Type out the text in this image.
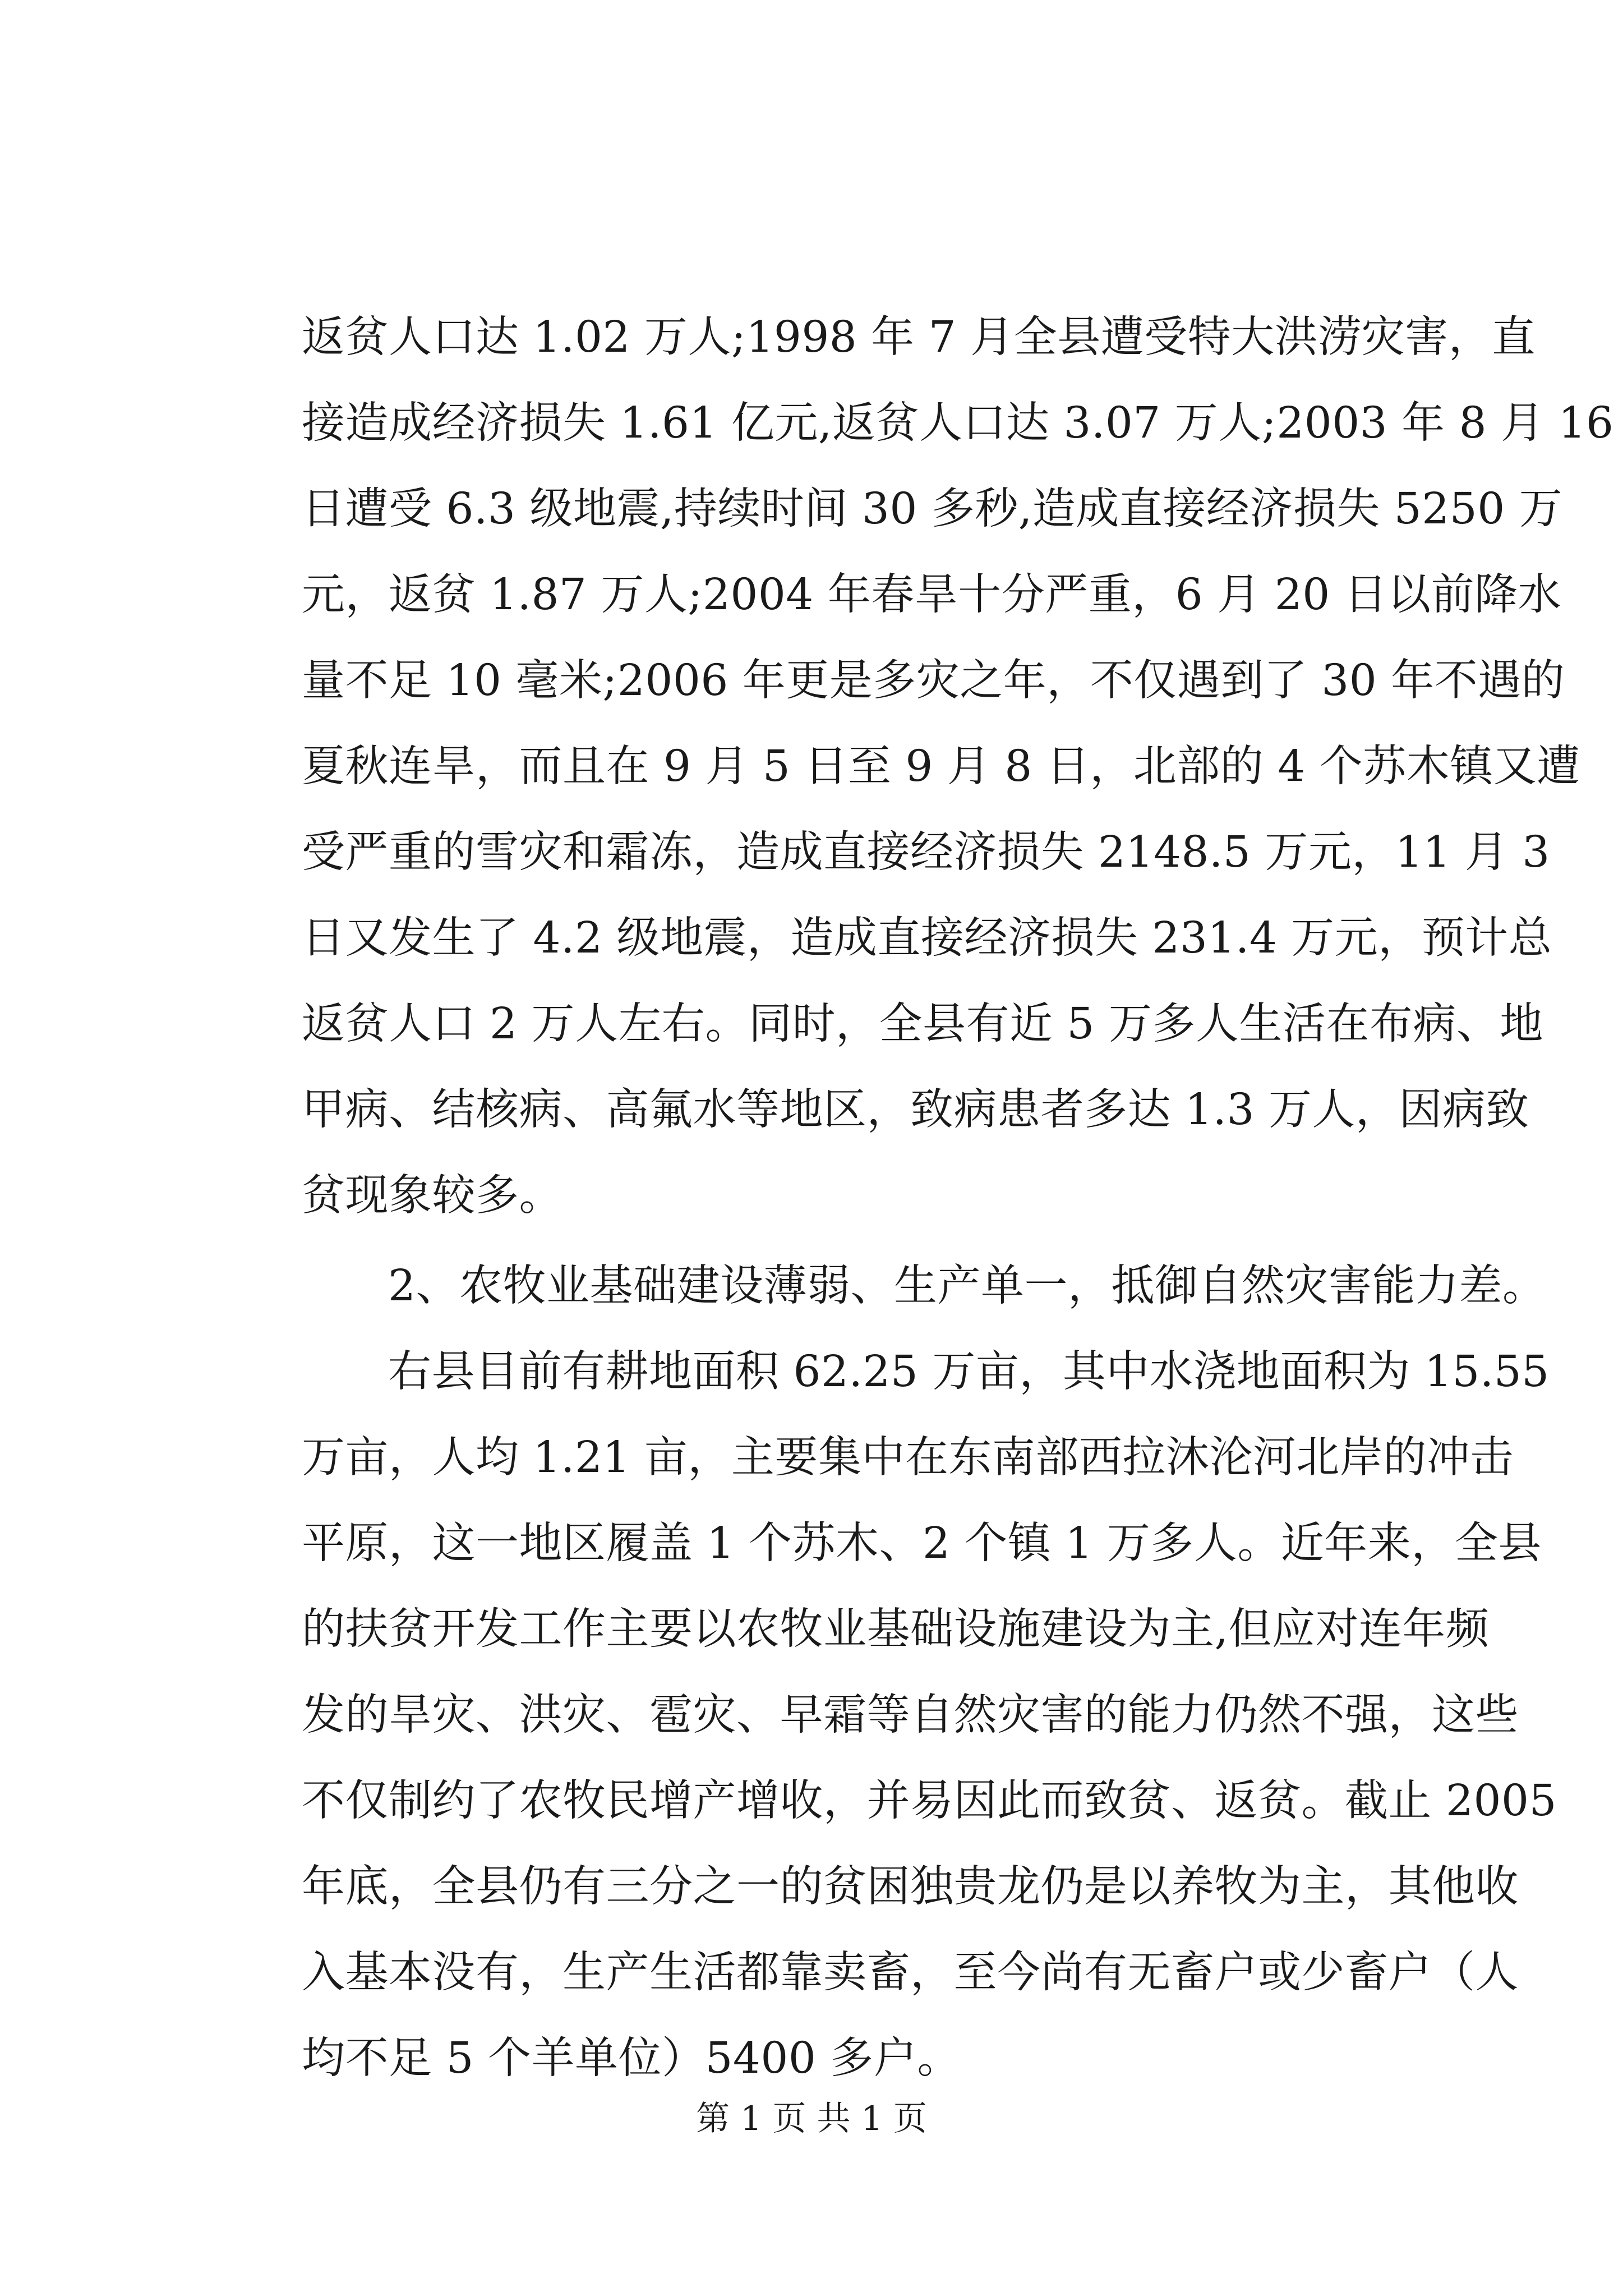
返贫人口达 1.02 万人;1998 年 7 月全县遭受特大洪涝灾害，直
接造成经济损失 1.61 亿元,返贫人口达 3.07 万人;2003 年 8 月 16
日遭受 6.3 级地震,持续时间 30 多秒,造成直接经济损失 5250 万
元，返贫 1.87 万人;2004 年春旱十分严重，6 月 20 日以前降水
量不足 10 毫米;2006 年更是多灾之年，不仅遇到了 30 年不遇的
夏秋连旱，而且在 9 月 5 日至 9 月 8 日，北部的 4 个苏木镇又遭
受严重的雪灾和霜冻，造成直接经济损失 2148.5 万元，11 月 3
日又发生了 4.2 级地震，造成直接经济损失 231.4 万元，预计总
返贫人口 2 万人左右。同时，全县有近 5 万多人生活在布病、地
甲病、结核病、高氟水等地区，致病患者多达 1.3 万人，因病致
贫现象较多。
2、农牧业基础建设薄弱、生产单一，抵御自然灾害能力差。
右县目前有耕地面积 62.25 万亩，其中水浇地面积为 15.55
万亩，人均 1.21 亩，主要集中在东南部西拉沐沦河北岸的冲击
平原，这一地区履盖 1 个苏木、2 个镇 1 万多人。近年来，全县
的扶贫开发工作主要以农牧业基础设施建设为主,但应对连年频
发的旱灾、洪灾、雹灾、早霜等自然灾害的能力仍然不强，这些
不仅制约了农牧民增产增收，并易因此而致贫、返贫。截止 2005
年底，全县仍有三分之一的贫困独贵龙仍是以养牧为主，其他收
入基本没有，生产生活都靠卖畜，至今尚有无畜户或少畜户（人
均不足 5 个羊单位）5400 多户。
第 1 页 共 1 页
